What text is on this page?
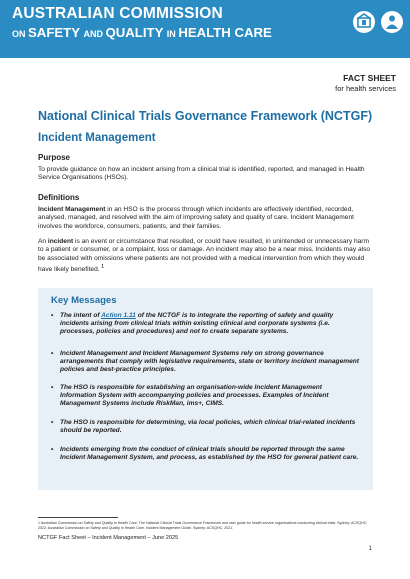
AUSTRALIAN COMMISSION
ON SAFETY AND QUALITY IN HEALTH CARE
FACT SHEET
for health services
National Clinical Trials Governance Framework (NCTGF)
Incident Management
Purpose
To provide guidance on how an incident arising from a clinical trial is identified, reported, and managed in Health Service Organisations (HSOs).
Definitions
Incident Management in an HSO is the process through which incidents are effectively identified, recorded, analysed, managed, and resolved with the aim of improving safety and quality of care. Incident Management involves the workforce, consumers, patients, and their families.
An incident is an event or circumstance that resulted, or could have resulted, in unintended or unnecessary harm to a patient or consumer, or a complaint, loss or damage. An incident may also be a near miss. Incidents may also be associated with omissions where patients are not provided with a medical intervention from which they would have likely benefited. $^1$
Key Messages
• The intent of Action 1.11 of the NCTGF is to integrate the reporting of safety and quality incidents arising from clinical trials within existing clinical and corporate systems (i.e. processes, policies and procedures) and not to create separate systems.
• Incident Management and Incident Management Systems rely on strong governance arrangements that comply with legislative requirements, state or territory incident management policies and best-practice principles.
• The HSO is responsible for establishing an organisation-wide Incident Management Information System with accompanying policies and processes. Examples of Incident Management Systems include RiskMan, ims+, CIMS.
• The HSO is responsible for determining, via local policies, which clinical trial-related incidents should be reported.
• Incidents emerging from the conduct of clinical trials should be reported through the same Incident Management System, and process, as established by the HSO for general patient care.
1 Australian Commission on Safety and Quality in Health Care. The National Clinical Trials Governance Framework and user guide for health service organisations conducting clinical trials. Sydney: ACSQHC; 2022; Australian Commission on Safety and Quality in Health Care. Incident Management Guide. Sydney: ACSQHC; 2021.
NCTGF Fact Sheet – Incident Management – June 2025
1
